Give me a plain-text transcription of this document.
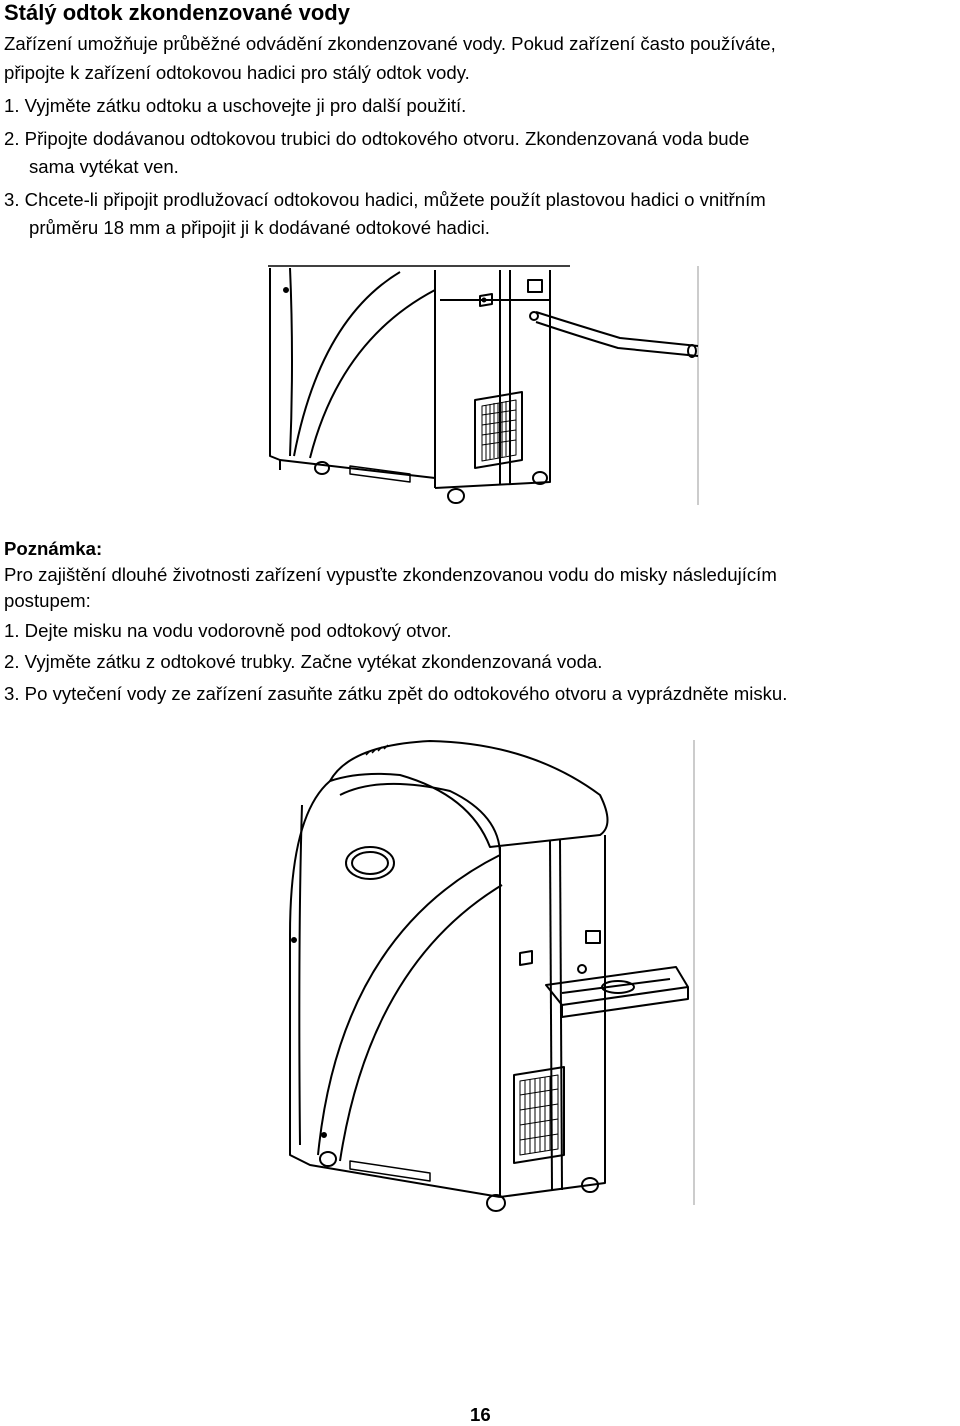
Stálý odtok zkondenzované vody
Zařízení umožňuje průběžné odvádění zkondenzované vody. Pokud zařízení často používáte,
připojte k zařízení odtokovou hadici pro stálý odtok vody.
1. Vyjměte zátku odtoku a uschovejte ji pro další použití.
2. Připojte dodávanou odtokovou trubici do odtokového otvoru. Zkondenzovaná voda bude
sama vytékat ven.
3. Chcete-li připojit prodlužovací odtokovou hadici, můžete použít plastovou hadici o vnitřním
průměru 18 mm a připojit ji k dodávané odtokové hadici.
Poznámka:
Pro zajištění dlouhé životnosti zařízení vypusťte zkondenzovanou vodu do misky následujícím
postupem:
1. Dejte misku na vodu vodorovně pod odtokový otvor.
2. Vyjměte zátku z odtokové trubky. Začne vytékat zkondenzovaná voda.
3. Po vytečení vody ze zařízení zasuňte zátku zpět do odtokového otvoru a vyprázdněte misku.
16
